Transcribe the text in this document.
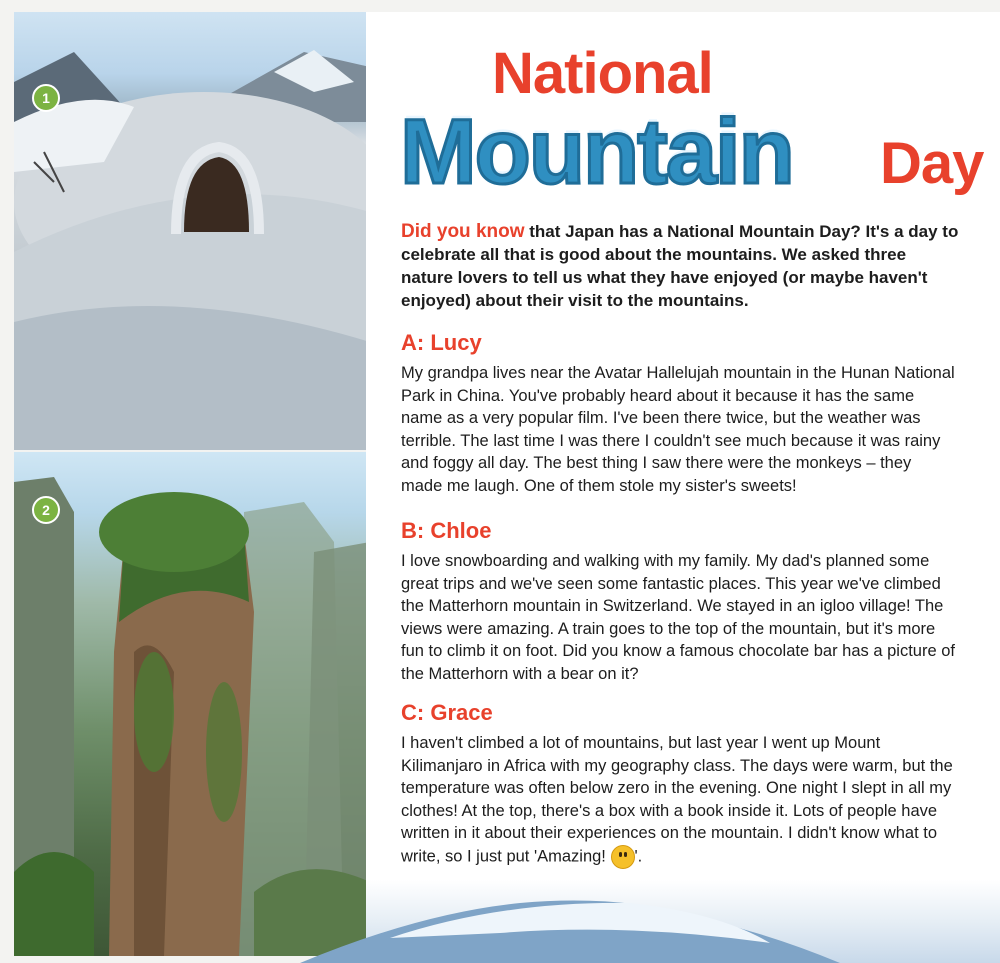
1
2
National
Mountain Day

Did you know that Japan has a National Mountain Day? It's a day to celebrate all that is good about the mountains. We asked three nature lovers to tell us what they have enjoyed (or maybe haven't enjoyed) about their visit to the mountains.

A: Lucy

My grandpa lives near the Avatar Hallelujah mountain in the Hunan National Park in China. You've probably heard about it because it has the same name as a very popular film. I've been there twice, but the weather was terrible. The last time I was there I couldn't see much because it was rainy and foggy all day. The best thing I saw there were the monkeys – they made me laugh. One of them stole my sister's sweets!

B: Chloe

I love snowboarding and walking with my family. My dad's planned some great trips and we've seen some fantastic places. This year we've climbed the Matterhorn mountain in Switzerland. We stayed in an igloo village! The views were amazing. A train goes to the top of the mountain, but it's more fun to climb it on foot. Did you know a famous chocolate bar has a picture of the Matterhorn with a bear on it?

C: Grace

I haven't climbed a lot of mountains, but last year I went up Mount Kilimanjaro in Africa with my geography class. The days were warm, but the temperature was often below zero in the evening. One night I slept in all my clothes! At the top, there's a box with a book inside it. Lots of people have written in it about their experiences on the mountain. I didn't know what to write, so I just put 'Amazing! '.
